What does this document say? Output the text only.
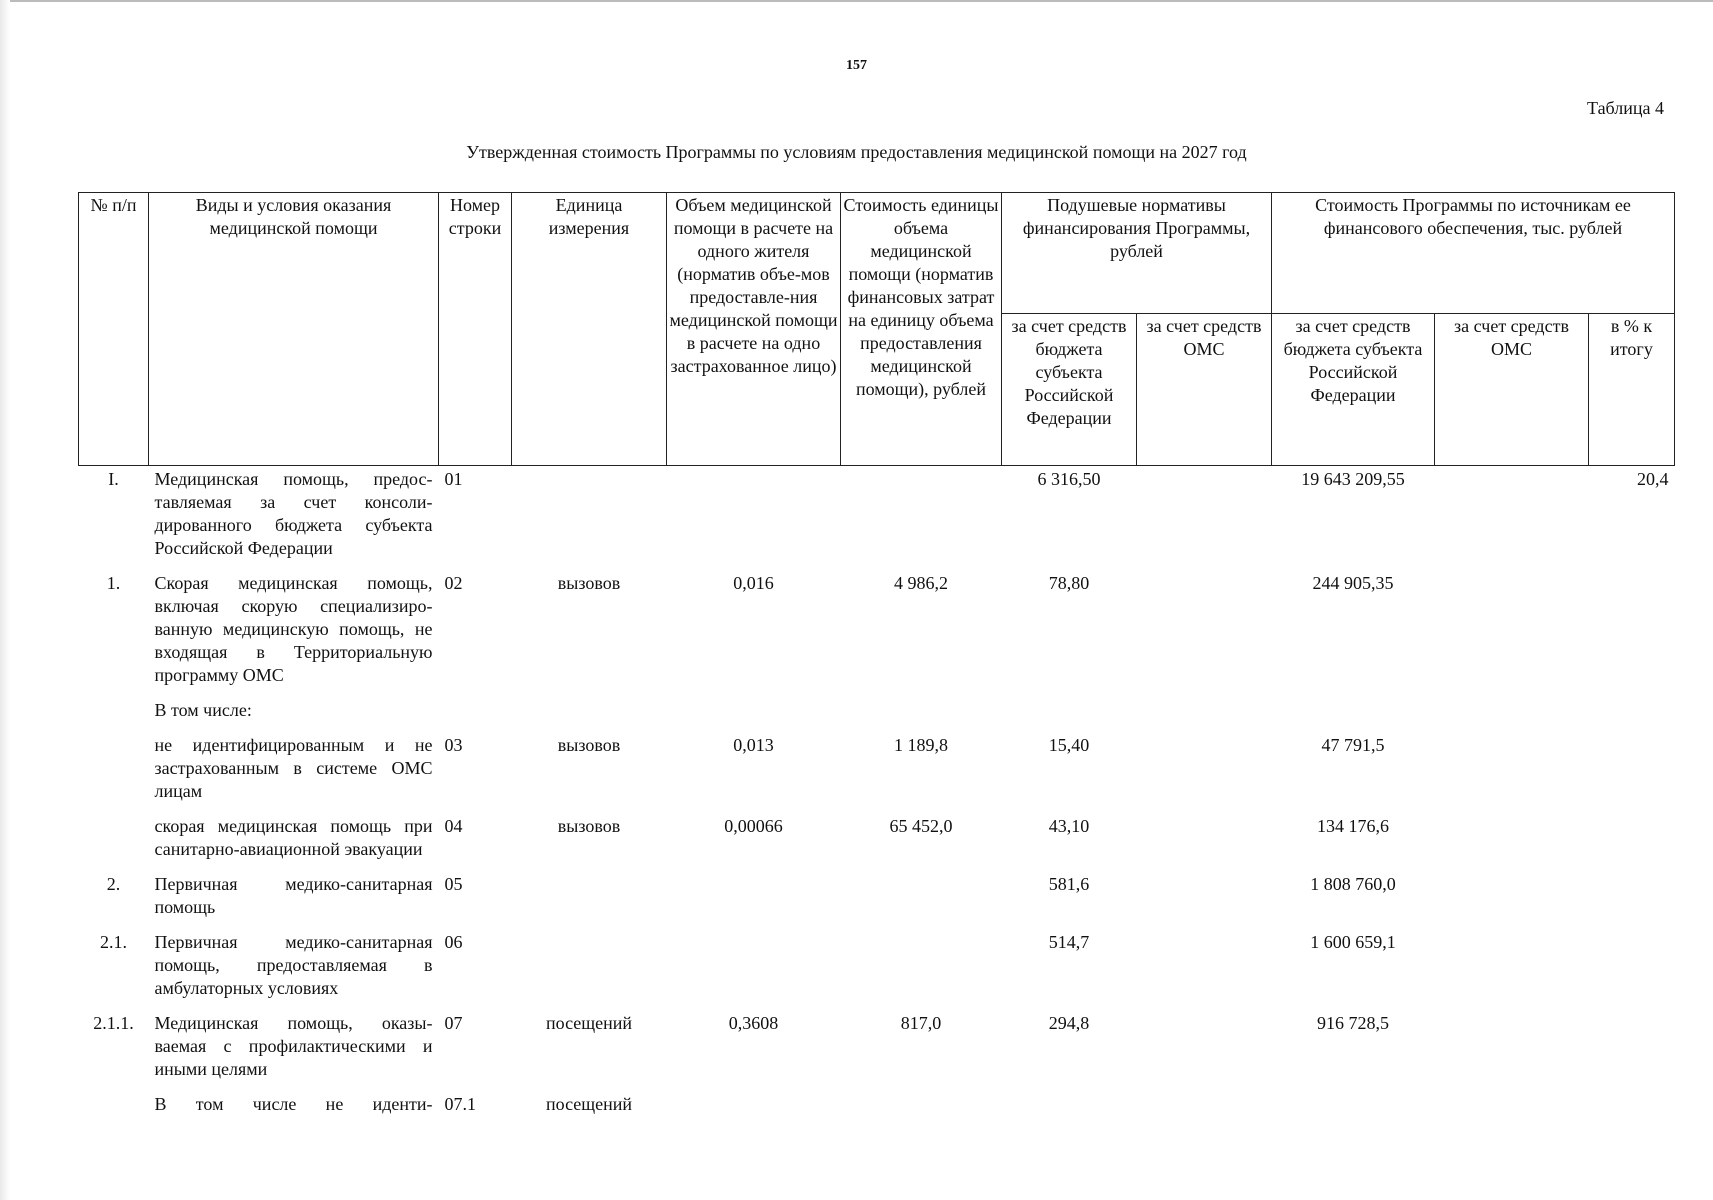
157
Таблица 4
Утвержденная стоимость Программы по условиям предоставления медицинской помощи на 2027 год
№ п/п	Виды и условия оказания медицинской помощи	Номер строки	Единица измерения	Объем медицинской помощи в расчете на одного жителя (норматив объе-мов предоставле-ния медицинской помощи в расчете на одно застрахованное лицо)	Стоимость единицы объема медицинской помощи (норматив финансовых затрат на единицу объема предоставления медицинской помощи), рублей	Подушевые нормативы финансирования Программы, рублей		Стоимость Программы по источникам ее финансового обеспечения, тыс. рублей		
						за счет средств бюджета субъекта Российской Федерации	за счет средств ОМС	за счет средств бюджета субъекта Российской Федерации	за счет средств ОМС	в % к итогу
I.	Медицинская помощь, предос-тавляемая за счет консоли-дированного бюджета субъекта Российской Федерации	01				6 316,50		19 643 209,55		20,4
1.	Скорая медицинская помощь, включая скорую специализиро-ванную медицинскую помощь, не входящая в Территориальную программу ОМС	02	вызовов	0,016	4 986,2	78,80		244 905,35		
	В том числе:									
	не идентифицированным и не застрахованным в системе ОМС лицам	03	вызовов	0,013	1 189,8	15,40		47 791,5		
	скорая медицинская помощь при санитарно-авиационной эвакуации	04	вызовов	0,00066	65 452,0	43,10		134 176,6		
2.	Первичная медико-санитарная помощь	05				581,6		1 808 760,0		
2.1.	Первичная медико-санитарная помощь, предоставляемая в амбулаторных условиях	06				514,7		1 600 659,1		
2.1.1.	Медицинская помощь, оказы-ваемая с профилактическими и иными целями	07	посещений	0,3608	817,0	294,8		916 728,5		
	В том числе не иденти-	07.1	посещений							
